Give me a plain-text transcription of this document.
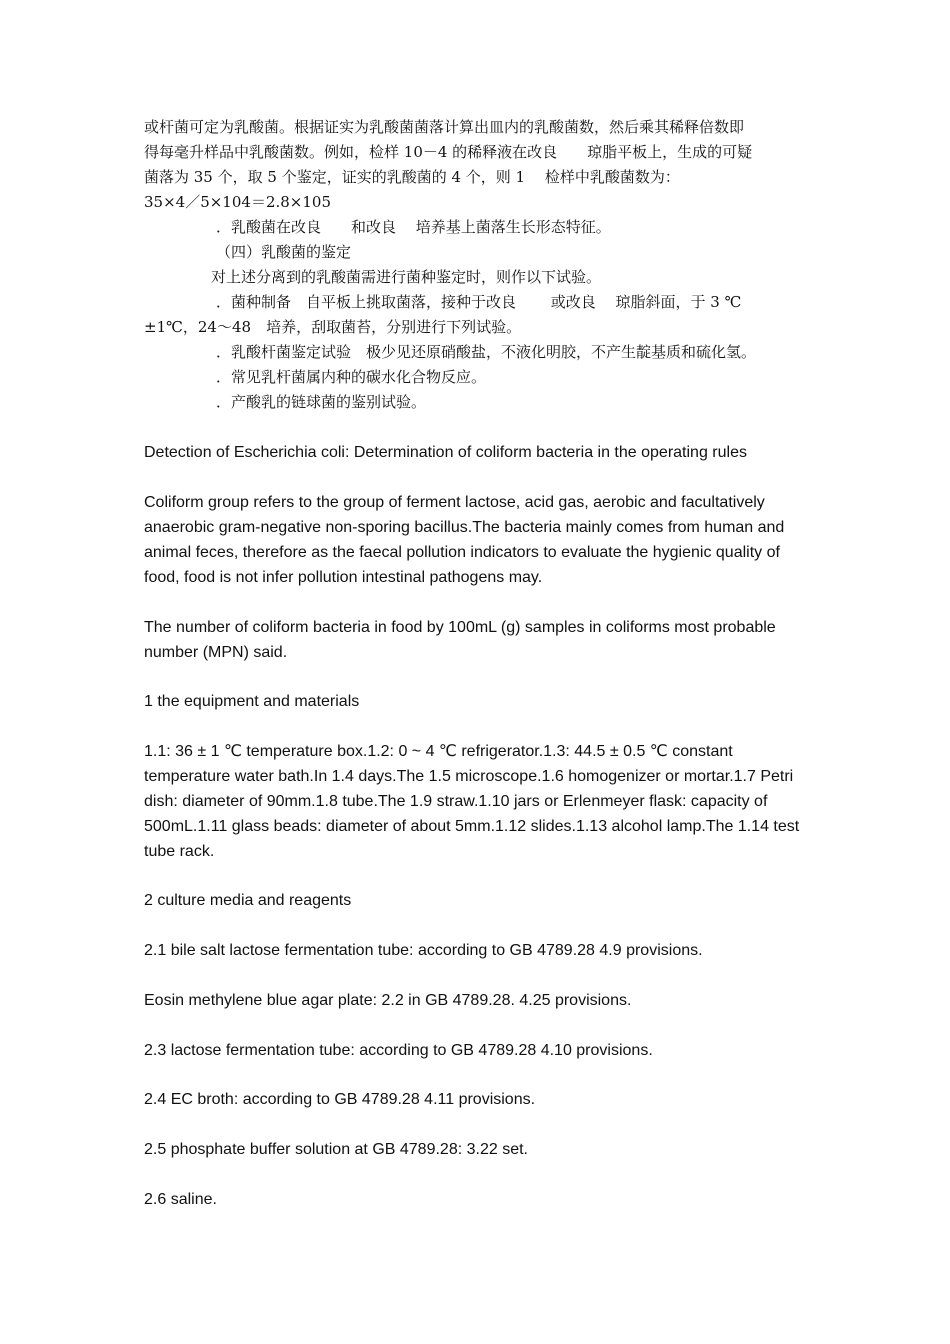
或杆菌可定为乳酸菌。根据证实为乳酸菌菌落计算出皿内的乳酸菌数，然后乘其稀释倍数即

得每毫升样品中乳酸菌数。例如，检样 10－4 的稀释液在改良　　琼脂平板上，生成的可疑

菌落为 35 个，取 5 个鉴定，证实的乳酸菌的 4 个，则 1　 检样中乳酸菌数为：

35×4／5×104＝2.8×105

．乳酸菌在改良　　和改良　 培养基上菌落生长形态特征。

（四）乳酸菌的鉴定

对上述分离到的乳酸菌需进行菌种鉴定时，则作以下试验。

．菌种制备　自平板上挑取菌落，接种于改良　　 或改良　 琼脂斜面，于 3 ℃

±1℃，24～48　培养，刮取菌苔，分别进行下列试验。

．乳酸杆菌鉴定试验　极少见还原硝酸盐，不液化明胶，不产生靛基质和硫化氢。

．常见乳杆菌属内种的碳水化合物反应。

．产酸乳的链球菌的鉴别试验。

Detection of Escherichia coli: Determination of coliform bacteria in the operating rules

Coliform group refers to the group of ferment lactose, acid gas, aerobic and facultatively anaerobic gram-negative non-sporing bacillus.The bacteria mainly comes from human and animal feces, therefore as the faecal pollution indicators to evaluate the hygienic quality of food, food is not infer pollution intestinal pathogens may.

The number of coliform bacteria in food by 100mL (g) samples in coliforms most probable number (MPN) said.

1 the equipment and materials

1.1: 36 ± 1 ℃ temperature box.1.2: 0 ~ 4 ℃ refrigerator.1.3: 44.5 ± 0.5 ℃ constant temperature water bath.In 1.4 days.The 1.5 microscope.1.6 homogenizer or mortar.1.7 Petri dish: diameter of 90mm.1.8 tube.The 1.9 straw.1.10 jars or Erlenmeyer flask: capacity of 500mL.1.11 glass beads: diameter of about 5mm.1.12 slides.1.13 alcohol lamp.The 1.14 test tube rack.

2 culture media and reagents

2.1 bile salt lactose fermentation tube: according to GB 4789.28 4.9 provisions.

Eosin methylene blue agar plate: 2.2 in GB 4789.28. 4.25 provisions.

2.3 lactose fermentation tube: according to GB 4789.28 4.10 provisions.

2.4 EC broth: according to GB 4789.28 4.11 provisions.

2.5 phosphate buffer solution at GB 4789.28: 3.22 set.

2.6 saline.
